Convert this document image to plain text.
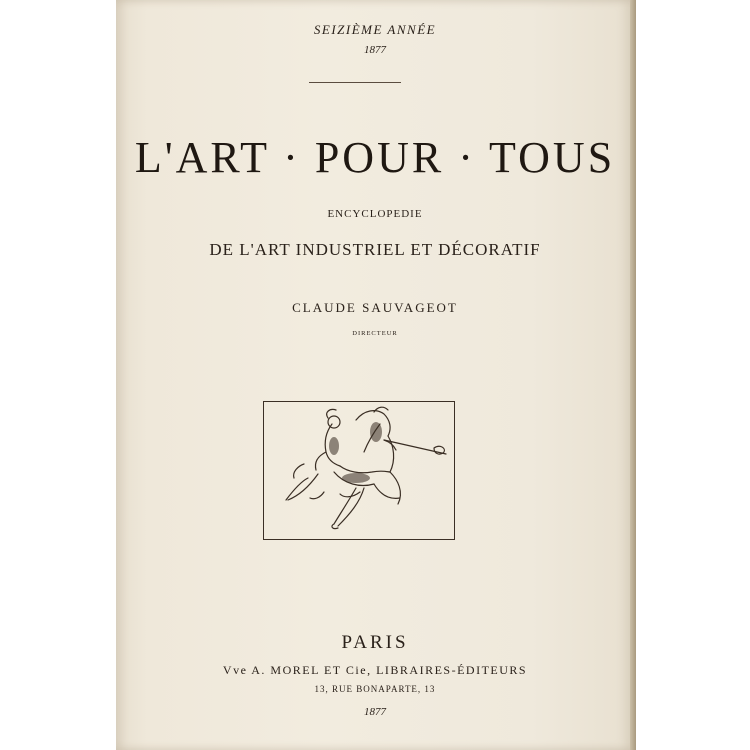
SEIZIÈME ANNÉE
1877
L'ART · POUR · TOUS
ENCYCLOPEDIE
DE L'ART INDUSTRIEL ET DÉCORATIF
CLAUDE SAUVAGEOT
DIRECTEUR
PARIS
Vve A. MOREL ET Cie, LIBRAIRES-ÉDITEURS
13, RUE BONAPARTE, 13
1877
